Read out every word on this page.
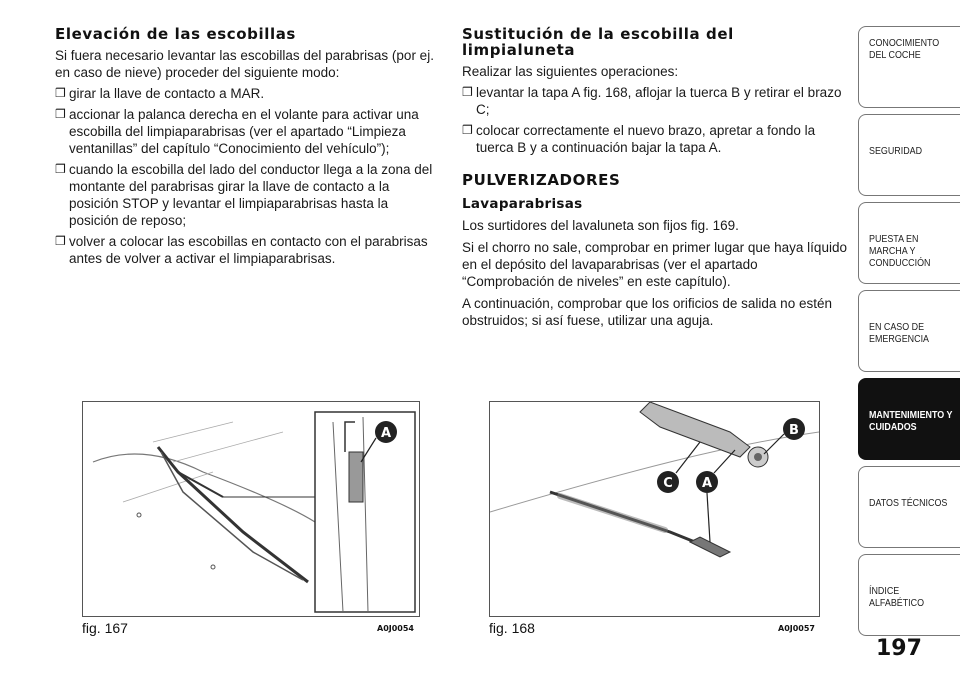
Elevación de las escobillas

Si fuera necesario levantar las escobillas del parabrisas (por ej. en caso de nieve) proceder del siguiente modo:

❒ girar la llave de contacto a MAR.

❒ accionar la palanca derecha en el volante para activar una escobilla del limpiaparabrisas (ver el apartado “Limpieza ventanillas” del capítulo “Conocimiento del vehículo”);

❒ cuando la escobilla del lado del conductor llega a la zona del montante del parabrisas girar la llave de contacto a la posición STOP y levantar el limpiaparabrisas hasta la posición de reposo;

❒ volver a colocar las escobillas en contacto con el parabrisas antes de volver a activar el limpiaparabrisas.

Sustitución de la escobilla del limpialuneta

Realizar las siguientes operaciones:

❒ levantar la tapa A fig. 168, aflojar la tuerca B y retirar el brazo C;

❒ colocar correctamente el nuevo brazo, apretar a fondo la tuerca B y a continuación bajar la tapa A.

PULVERIZADORES
Lavaparabrisas

Los surtidores del lavaluneta son fijos fig. 169.

Si el chorro no sale, comprobar en primer lugar que haya líquido en el depósito del lavaparabrisas (ver el apartado “Comprobación de niveles” en este capítulo).

A continuación, comprobar que los orificios de salida no estén obstruidos; si así fuese, utilizar una aguja.

A
fig. 167	A0J0054
B
C A
fig. 168	A0J0057
197
CONOCIMIENTO DEL COCHE
SEGURIDAD
PUESTA EN MARCHA Y CONDUCCIÓN
EN CASO DE EMERGENCIA
MANTENIMIENTO Y CUIDADOS
DATOS TÉCNICOS
ÍNDICE ALFABÉTICO
